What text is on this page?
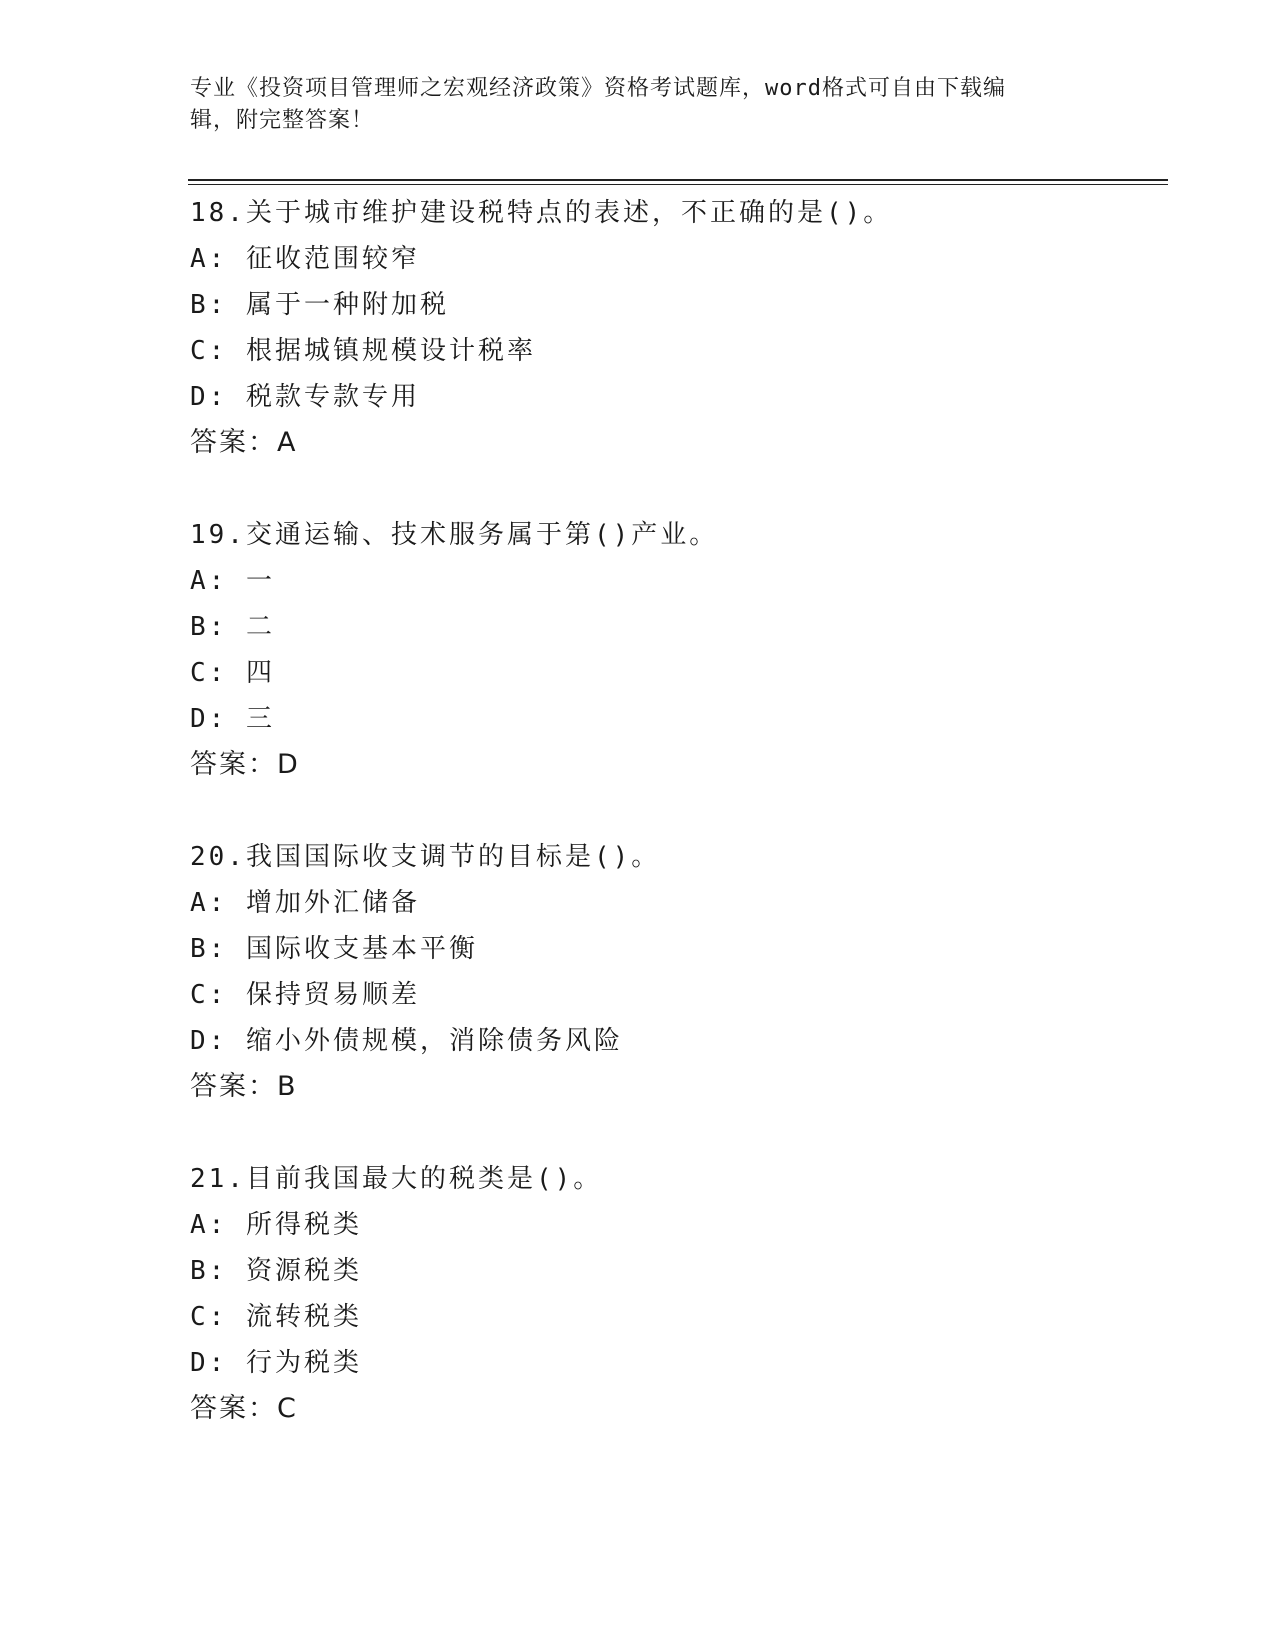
专业《投资项目管理师之宏观经济政策》资格考试题库，word格式可自由下载编
辑，附完整答案！
18.关于城市维护建设税特点的表述，不正确的是()。
A: 征收范围较窄
B: 属于一种附加税
C: 根据城镇规模设计税率
D: 税款专款专用
答案：A
19.交通运输、技术服务属于第()产业。
A: 一
B: 二
C: 四
D: 三
答案：D
20.我国国际收支调节的目标是()。
A: 增加外汇储备
B: 国际收支基本平衡
C: 保持贸易顺差
D: 缩小外债规模，消除债务风险
答案：B
21.目前我国最大的税类是()。
A: 所得税类
B: 资源税类
C: 流转税类
D: 行为税类
答案：C
